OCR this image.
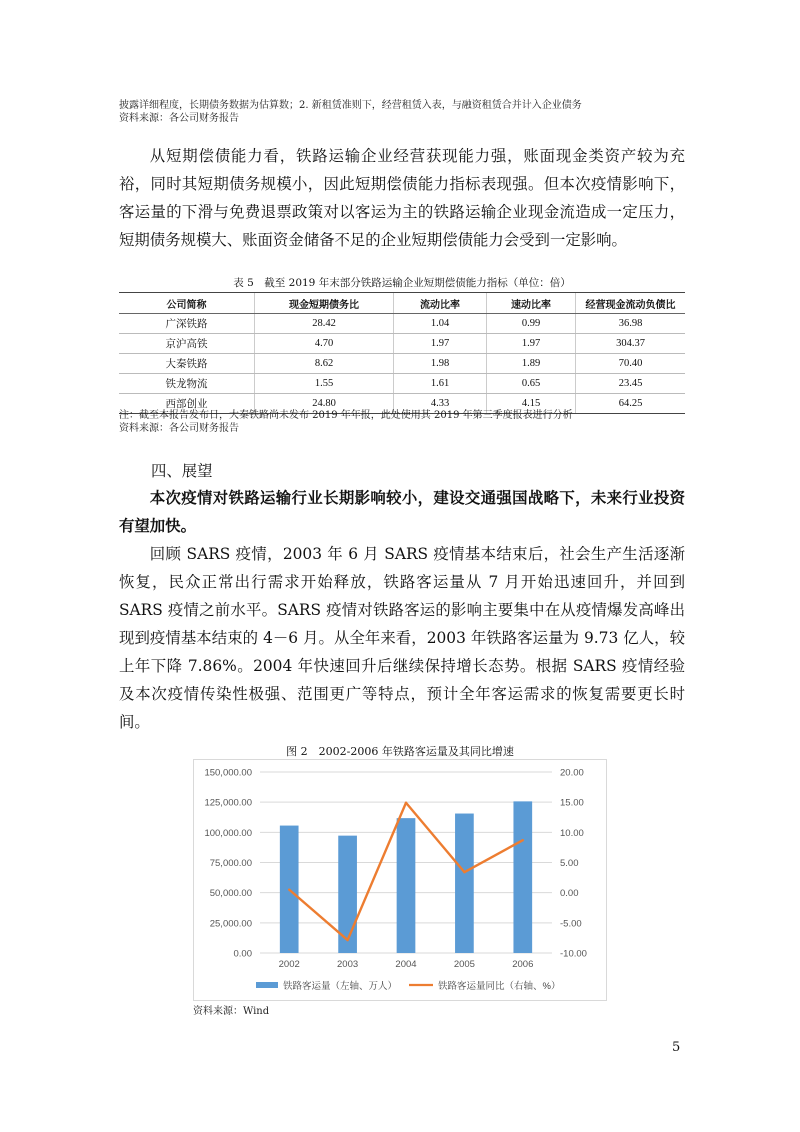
披露详细程度，长期债务数据为估算数；2. 新租赁准则下，经营租赁入表，与融资租赁合并计入企业债务
资料来源：各公司财务报告

从短期偿债能力看，铁路运输企业经营获现能力强，账面现金类资产较为充裕，同时其短期债务规模小，因此短期偿债能力指标表现强。但本次疫情影响下，客运量的下滑与免费退票政策对以客运为主的铁路运输企业现金流造成一定压力，短期债务规模大、账面资金储备不足的企业短期偿债能力会受到一定影响。

表 5　截至 2019 年末部分铁路运输企业短期偿债能力指标（单位：倍）
公司简称	现金短期债务比	流动比率	速动比率	经营现金流动负债比
广深铁路	28.42	1.04	0.99	36.98
京沪高铁	4.70	1.97	1.97	304.37
大秦铁路	8.62	1.98	1.89	70.40
铁龙物流	1.55	1.61	0.65	23.45
西部创业	24.80	4.33	4.15	64.25
注：截至本报告发布日，大秦铁路尚未发布 2019 年年报，此处使用其 2019 年第三季度报表进行分析
资料来源：各公司财务报告
四、展望

本次疫情对铁路运输行业长期影响较小，建设交通强国战略下，未来行业投资有望加快。

回顾 SARS 疫情，2003 年 6 月 SARS 疫情基本结束后，社会生产生活逐渐恢复，民众正常出行需求开始释放，铁路客运量从 7 月开始迅速回升，并回到 SARS 疫情之前水平。SARS 疫情对铁路客运的影响主要集中在从疫情爆发高峰出现到疫情基本结束的 4－6 月。从全年来看，2003 年铁路客运量为 9.73 亿人，较上年下降 7.86%。2004 年快速回升后继续保持增长态势。根据 SARS 疫情经验及本次疫情传染性极强、范围更广等特点，预计全年客运需求的恢复需要更长时间。

图 2　2002-2006 年铁路客运量及其同比增速
0.00
25,000.00
50,000.00
75,000.00
100,000.00
125,000.00
150,000.00
-10.00
-5.00
0.00
5.00
10.00
15.00
20.00
2002	2003	2004	2005	2006
铁路客运量（左轴、万人）	铁路客运量同比（右轴、%）
资料来源：Wind
5
